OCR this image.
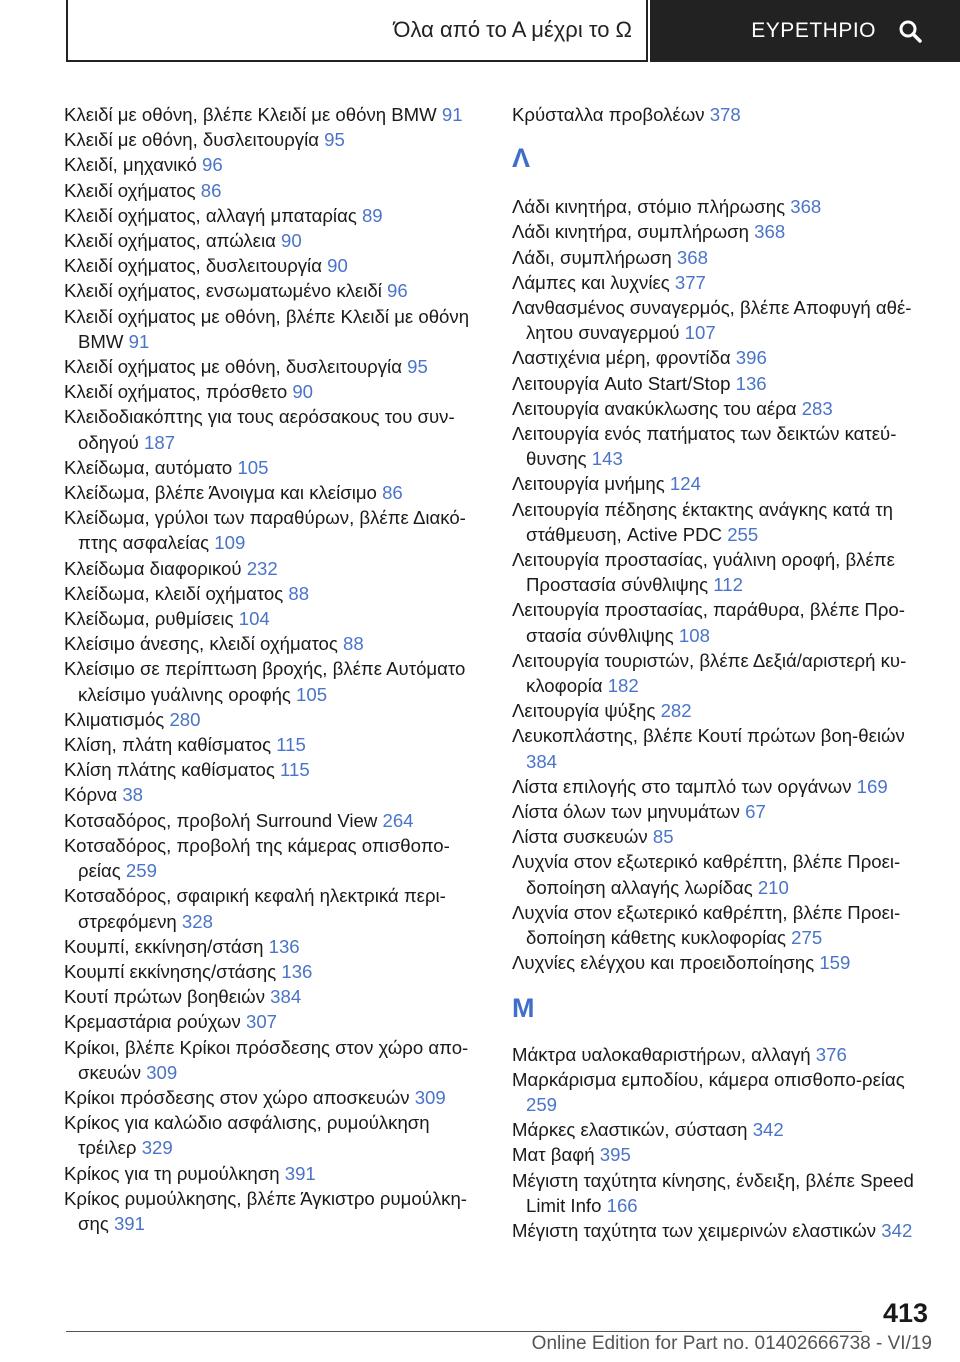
Όλα από το Α μέχρι το Ω	ΕΥΡΕΤΗΡΙΟ
Κλειδί με οθόνη, βλέπε Κλειδί με οθόνη BMW 91
Κλειδί με οθόνη, δυσλειτουργία 95
Κλειδί, μηχανικό 96
Κλειδί οχήματος 86
Κλειδί οχήματος, αλλαγή μπαταρίας 89
Κλειδί οχήματος, απώλεια 90
Κλειδί οχήματος, δυσλειτουργία 90
Κλειδί οχήματος, ενσωματωμένο κλειδί 96
Κλειδί οχήματος με οθόνη, βλέπε Κλειδί με οθόνη BMW 91
Κλειδί οχήματος με οθόνη, δυσλειτουργία 95
Κλειδί οχήματος, πρόσθετο 90
Κλειδοδιακόπτης για τους αερόσακους του συν‐οδηγού 187
Κλείδωμα, αυτόματο 105
Κλείδωμα, βλέπε Άνοιγμα και κλείσιμο 86
Κλείδωμα, γρύλοι των παραθύρων, βλέπε Διακό‐πτης ασφαλείας 109
Κλείδωμα διαφορικού 232
Κλείδωμα, κλειδί οχήματος 88
Κλείδωμα, ρυθμίσεις 104
Κλείσιμο άνεσης, κλειδί οχήματος 88
Κλείσιμο σε περίπτωση βροχής, βλέπε Αυτόματο κλείσιμο γυάλινης οροφής 105
Κλιματισμός 280
Κλίση, πλάτη καθίσματος 115
Κλίση πλάτης καθίσματος 115
Κόρνα 38
Κοτσαδόρος, προβολή Surround View 264
Κοτσαδόρος, προβολή της κάμερας οπισθοπο‐ρείας 259
Κοτσαδόρος, σφαιρική κεφαλή ηλεκτρικά περι‐στρεφόμενη 328
Κουμπί, εκκίνηση/στάση 136
Κουμπί εκκίνησης/στάσης 136
Κουτί πρώτων βοηθειών 384
Κρεμαστάρια ρούχων 307
Κρίκοι, βλέπε Κρίκοι πρόσδεσης στον χώρο απο‐σκευών 309
Κρίκοι πρόσδεσης στον χώρο αποσκευών 309
Κρίκος για καλώδιο ασφάλισης, ρυμούλκηση τρέιλερ 329
Κρίκος για τη ρυμούλκηση 391
Κρίκος ρυμούλκησης, βλέπε Άγκιστρο ρυμούλκη‐σης 391
Κρύσταλλα προβολέων 378
Λ
Λάδι κινητήρα, στόμιο πλήρωσης 368
Λάδι κινητήρα, συμπλήρωση 368
Λάδι, συμπλήρωση 368
Λάμπες και λυχνίες 377
Λανθασμένος συναγερμός, βλέπε Αποφυγή αθέ‐λητου συναγερμού 107
Λαστιχένια μέρη, φροντίδα 396
Λειτουργία Auto Start/Stop 136
Λειτουργία ανακύκλωσης του αέρα 283
Λειτουργία ενός πατήματος των δεικτών κατεύ‐θυνσης 143
Λειτουργία μνήμης 124
Λειτουργία πέδησης έκτακτης ανάγκης κατά τη στάθμευση, Active PDC 255
Λειτουργία προστασίας, γυάλινη οροφή, βλέπε Προστασία σύνθλιψης 112
Λειτουργία προστασίας, παράθυρα, βλέπε Προ‐στασία σύνθλιψης 108
Λειτουργία τουριστών, βλέπε Δεξιά/αριστερή κυ‐κλοφορία 182
Λειτουργία ψύξης 282
Λευκοπλάστης, βλέπε Κουτί πρώτων βοη‐θειών 384
Λίστα επιλογής στο ταμπλό των οργάνων 169
Λίστα όλων των μηνυμάτων 67
Λίστα συσκευών 85
Λυχνία στον εξωτερικό καθρέπτη, βλέπε Προει‐δοποίηση αλλαγής λωρίδας 210
Λυχνία στον εξωτερικό καθρέπτη, βλέπε Προει‐δοποίηση κάθετης κυκλοφορίας 275
Λυχνίες ελέγχου και προειδοποίησης 159
Μ
Μάκτρα υαλοκαθαριστήρων, αλλαγή 376
Μαρκάρισμα εμποδίου, κάμερα οπισθοπο‐ρείας 259
Μάρκες ελαστικών, σύσταση 342
Ματ βαφή 395
Μέγιστη ταχύτητα κίνησης, ένδειξη, βλέπε Speed Limit Info 166
Μέγιστη ταχύτητα των χειμερινών ελαστικών 342
413
Online Edition for Part no. 01402666738 - VI/19
